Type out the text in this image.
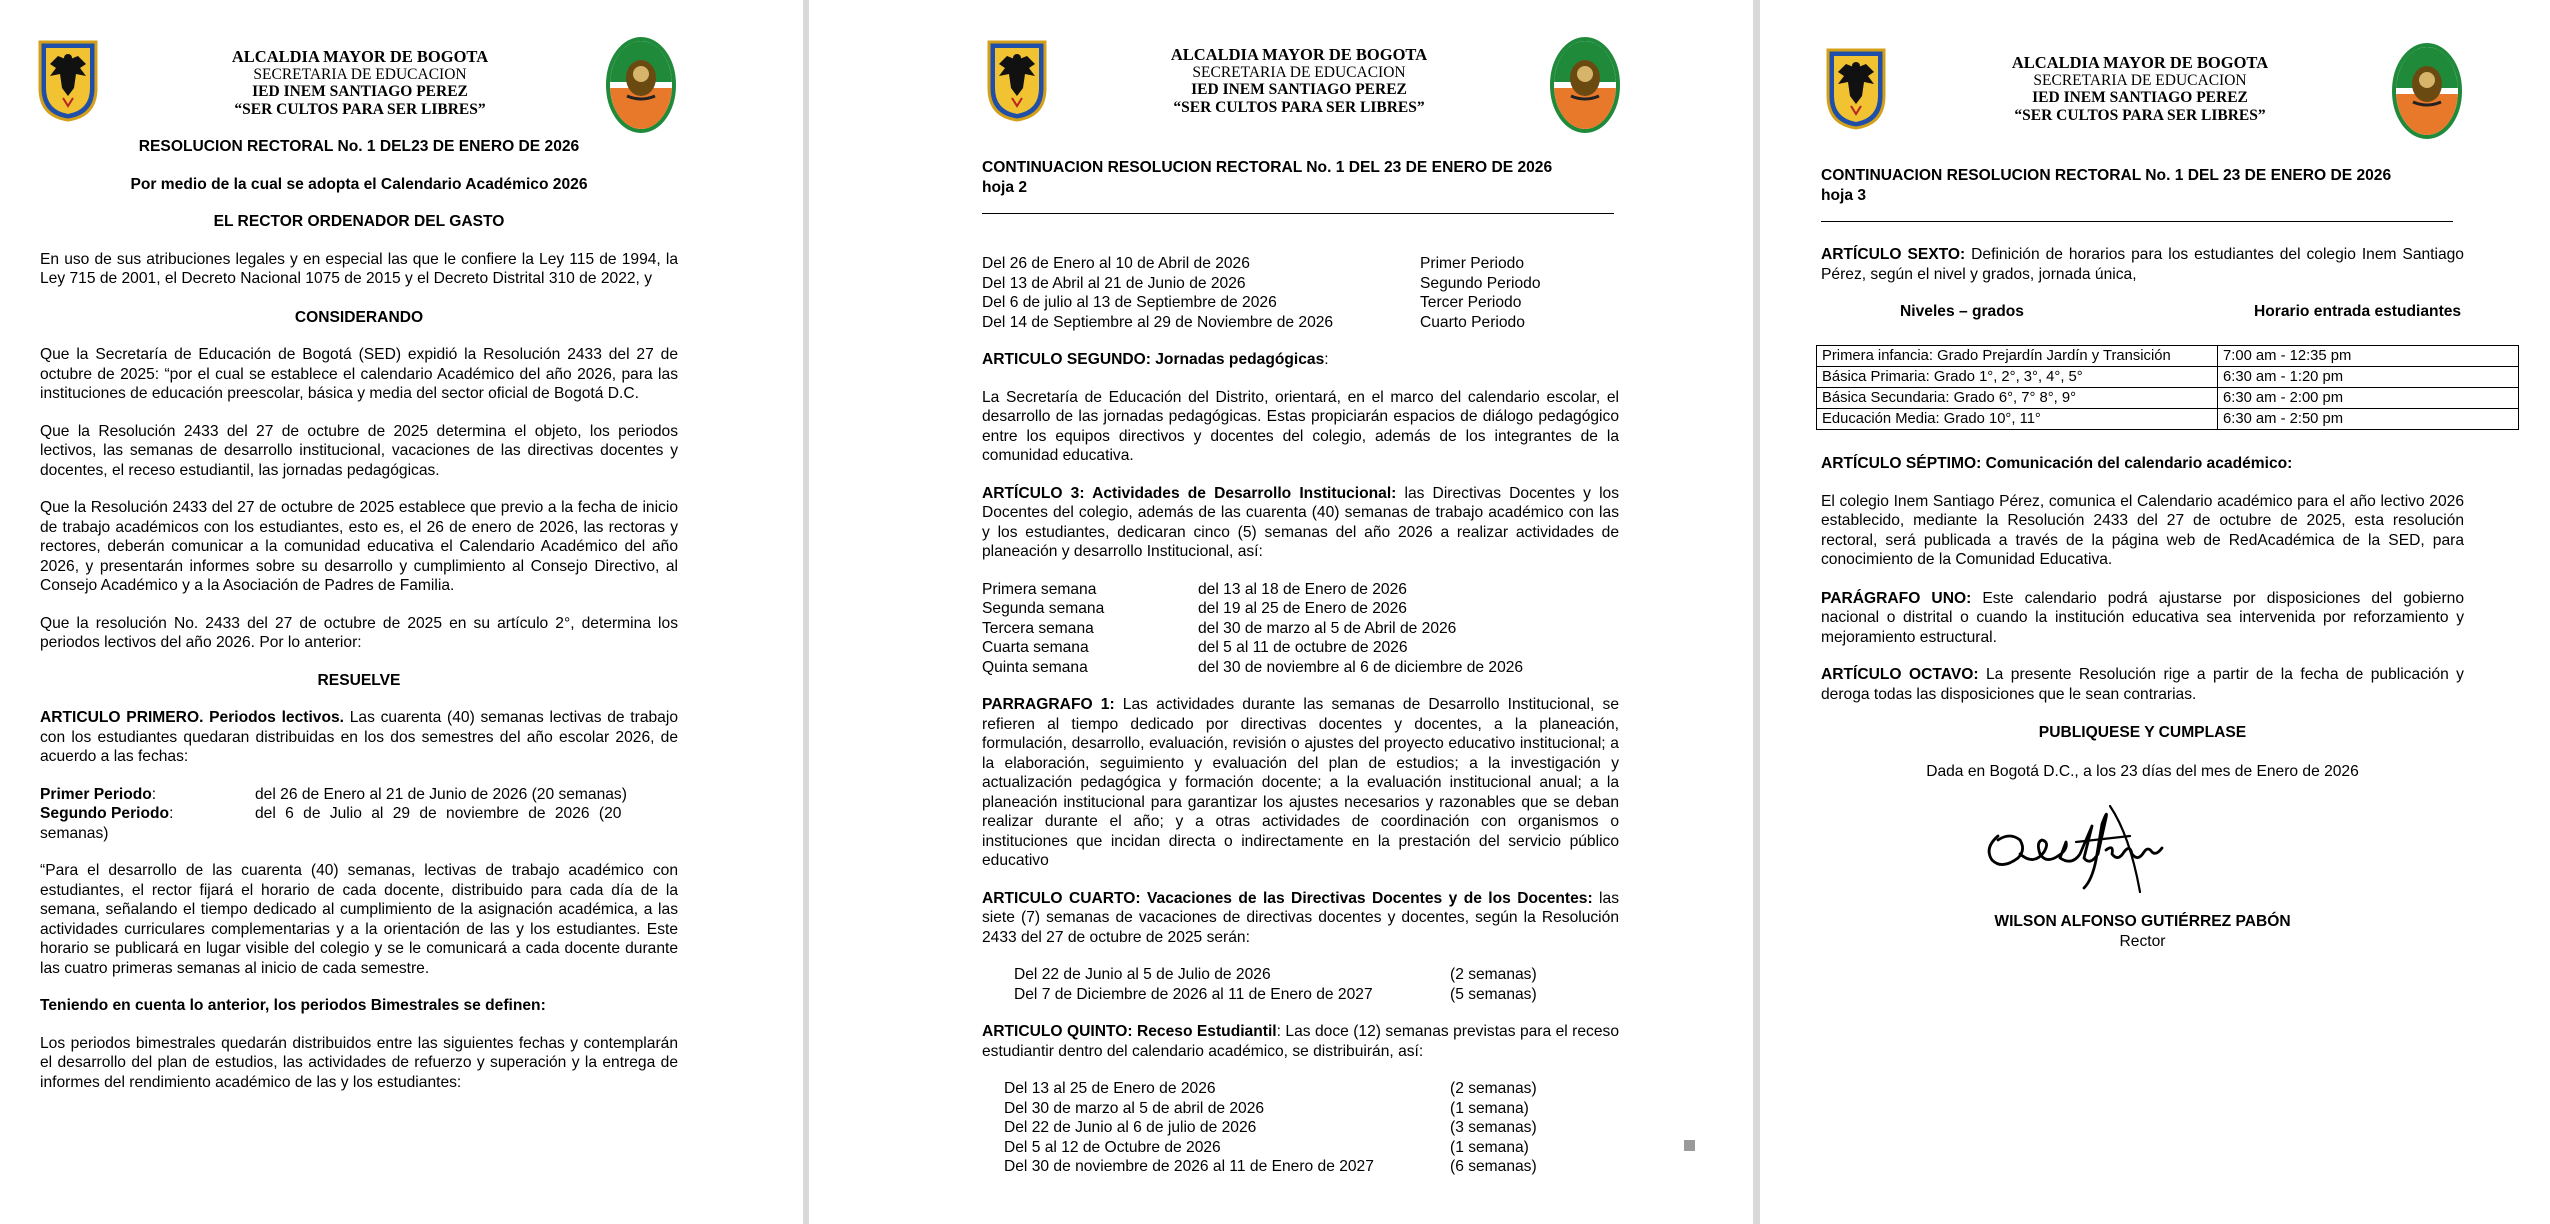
ALCALDIA MAYOR DE BOGOTA
SECRETARIA DE EDUCACION
IED INEM SANTIAGO PEREZ
“SER CULTOS PARA SER LIBRES”
RESOLUCION RECTORAL No. 1 DEL23 DE ENERO DE 2026
Por medio de la cual se adopta el Calendario Académico 2026
EL RECTOR ORDENADOR DEL GASTO
En uso de sus atribuciones legales y en especial las que le confiere la Ley 115 de 1994, la Ley 715 de 2001, el Decreto Nacional 1075 de 2015 y el Decreto Distrital 310 de 2022, y
CONSIDERANDO
Que la Secretaría de Educación de Bogotá (SED) expidió la Resolución 2433 del 27 de octubre de 2025: “por el cual se establece el calendario Académico del año 2026, para las instituciones de educación preescolar, básica y media del sector oficial de Bogotá D.C.
Que la Resolución 2433 del 27 de octubre de 2025 determina el objeto, los periodos lectivos, las semanas de desarrollo institucional, vacaciones de las directivas docentes y docentes, el receso estudiantil, las jornadas pedagógicas.
Que la Resolución 2433 del 27 de octubre de 2025 establece que previo a la fecha de inicio de trabajo académicos con los estudiantes, esto es, el 26 de enero de 2026, las rectoras y rectores, deberán comunicar a la comunidad educativa el Calendario Académico del año 2026, y presentarán informes sobre su desarrollo y cumplimiento al Consejo Directivo, al Consejo Académico y a la Asociación de Padres de Familia.
Que la resolución No. 2433 del 27 de octubre de 2025 en su artículo 2°, determina los periodos lectivos del año 2026. Por lo anterior:
RESUELVE
ARTICULO PRIMERO. Periodos lectivos. Las cuarenta (40) semanas lectivas de trabajo con los estudiantes quedaran distribuidas en los dos semestres del año escolar 2026, de acuerdo a las fechas:
Primer Periodo :	del 26 de Enero al 21 de Junio de 2026 (20 semanas)
Segundo Periodo :	del 6 de Julio al 29 de noviembre de 2026 (20
semanas)
“Para el desarrollo de las cuarenta (40) semanas, lectivas de trabajo académico con estudiantes, el rector fijará el horario de cada docente, distribuido para cada día de la semana, señalando el tiempo dedicado al cumplimiento de la asignación académica, a las actividades curriculares complementarias y a la orientación de las y los estudiantes. Este horario se publicará en lugar visible del colegio y se le comunicará a cada docente durante las cuatro primeras semanas al inicio de cada semestre.
Teniendo en cuenta lo anterior, los periodos Bimestrales se definen:
Los periodos bimestrales quedarán distribuidos entre las siguientes fechas y contemplarán el desarrollo del plan de estudios, las actividades de refuerzo y superación y la entrega de informes del rendimiento académico de las y los estudiantes:
ALCALDIA MAYOR DE BOGOTA
SECRETARIA DE EDUCACION
IED INEM SANTIAGO PEREZ
“SER CULTOS PARA SER LIBRES”
CONTINUACION RESOLUCION RECTORAL No. 1 DEL 23 DE ENERO DE 2026
hoja 2
Del 26 de Enero al 10 de Abril de 2026	Primer Periodo
Del 13 de Abril al 21 de Junio de 2026	Segundo Periodo
Del 6 de julio al 13 de Septiembre de 2026	Tercer Periodo
Del 14 de Septiembre al 29 de Noviembre de 2026	Cuarto Periodo
ARTICULO SEGUNDO: Jornadas pedagógicas:
La Secretaría de Educación del Distrito, orientará, en el marco del calendario escolar, el desarrollo de las jornadas pedagógicas. Estas propiciarán espacios de diálogo pedagógico entre los equipos directivos y docentes del colegio, además de los integrantes de la comunidad educativa.
ARTÍCULO 3: Actividades de Desarrollo Institucional: las Directivas Docentes y los Docentes del colegio, además de las cuarenta (40) semanas de trabajo académico con las y los estudiantes, dedicaran cinco (5) semanas del año 2026 a realizar actividades de planeación y desarrollo Institucional, así:
Primera semana	del 13 al 18 de Enero de 2026
Segunda semana	del 19 al 25 de Enero de 2026
Tercera semana	del 30 de marzo al 5 de Abril de 2026
Cuarta semana	del 5 al 11 de octubre de 2026
Quinta semana	del 30 de noviembre al 6 de diciembre de 2026
PARRAGRAFO 1: Las actividades durante las semanas de Desarrollo Institucional, se refieren al tiempo dedicado por directivas docentes y docentes, a la planeación, formulación, desarrollo, evaluación, revisión o ajustes del proyecto educativo institucional; a la elaboración, seguimiento y evaluación del plan de estudios; a la investigación y actualización pedagógica y formación docente; a la evaluación institucional anual; a la planeación institucional para garantizar los ajustes necesarios y razonables que se deban realizar durante el año; y a otras actividades de coordinación con organismos o instituciones que incidan directa o indirectamente en la prestación del servicio público educativo
ARTICULO CUARTO: Vacaciones de las Directivas Docentes y de los Docentes: las siete (7) semanas de vacaciones de directivas docentes y docentes, según la Resolución 2433 del 27 de octubre de 2025 serán:
Del 22 de Junio al 5 de Julio de 2026	(2 semanas)
Del 7 de Diciembre de 2026 al 11 de Enero de 2027	(5 semanas)
ARTICULO QUINTO: Receso Estudiantil: Las doce (12) semanas previstas para el receso estudiantir dentro del calendario académico, se distribuirán, así:
Del 13 al 25 de Enero de 2026	(2 semanas)
Del 30 de marzo al 5 de abril de 2026	(1 semana)
Del 22 de Junio al 6 de julio de 2026	(3 semanas)
Del 5 al 12 de Octubre de 2026	(1 semana)
Del 30 de noviembre de 2026 al 11 de Enero de 2027	(6 semanas)
ALCALDIA MAYOR DE BOGOTA
SECRETARIA DE EDUCACION
IED INEM SANTIAGO PEREZ
“SER CULTOS PARA SER LIBRES”
CONTINUACION RESOLUCION RECTORAL No. 1 DEL 23 DE ENERO DE 2026
hoja 3
ARTÍCULO SEXTO: Definición de horarios para los estudiantes del colegio Inem Santiago Pérez, según el nivel y grados, jornada única,
Niveles – grados	Horario entrada estudiantes
Primera infancia: Grado Prejardín Jardín y Transición	7:00 am - 12:35 pm
Básica Primaria: Grado 1°, 2°, 3°, 4°, 5°	6:30 am - 1:20 pm
Básica Secundaria: Grado 6°, 7° 8°, 9°	6:30 am - 2:00 pm
Educación Media: Grado 10°, 11°	6:30 am - 2:50 pm
ARTÍCULO SÉPTIMO: Comunicación del calendario académico:
El colegio Inem Santiago Pérez, comunica el Calendario académico para el año lectivo 2026 establecido, mediante la Resolución 2433 del 27 de octubre de 2025, esta resolución rectoral, será publicada a través de la página web de RedAcadémica de la SED, para conocimiento de la Comunidad Educativa.
PARÁGRAFO UNO: Este calendario podrá ajustarse por disposiciones del gobierno nacional o distrital o cuando la institución educativa sea intervenida por reforzamiento y mejoramiento estructural.
ARTÍCULO OCTAVO: La presente Resolución rige a partir de la fecha de publicación y deroga todas las disposiciones que le sean contrarias.
PUBLIQUESE Y CUMPLASE
Dada en Bogotá D.C., a los 23 días del mes de Enero de 2026
WILSON ALFONSO GUTIÉRREZ PABÓN
Rector
